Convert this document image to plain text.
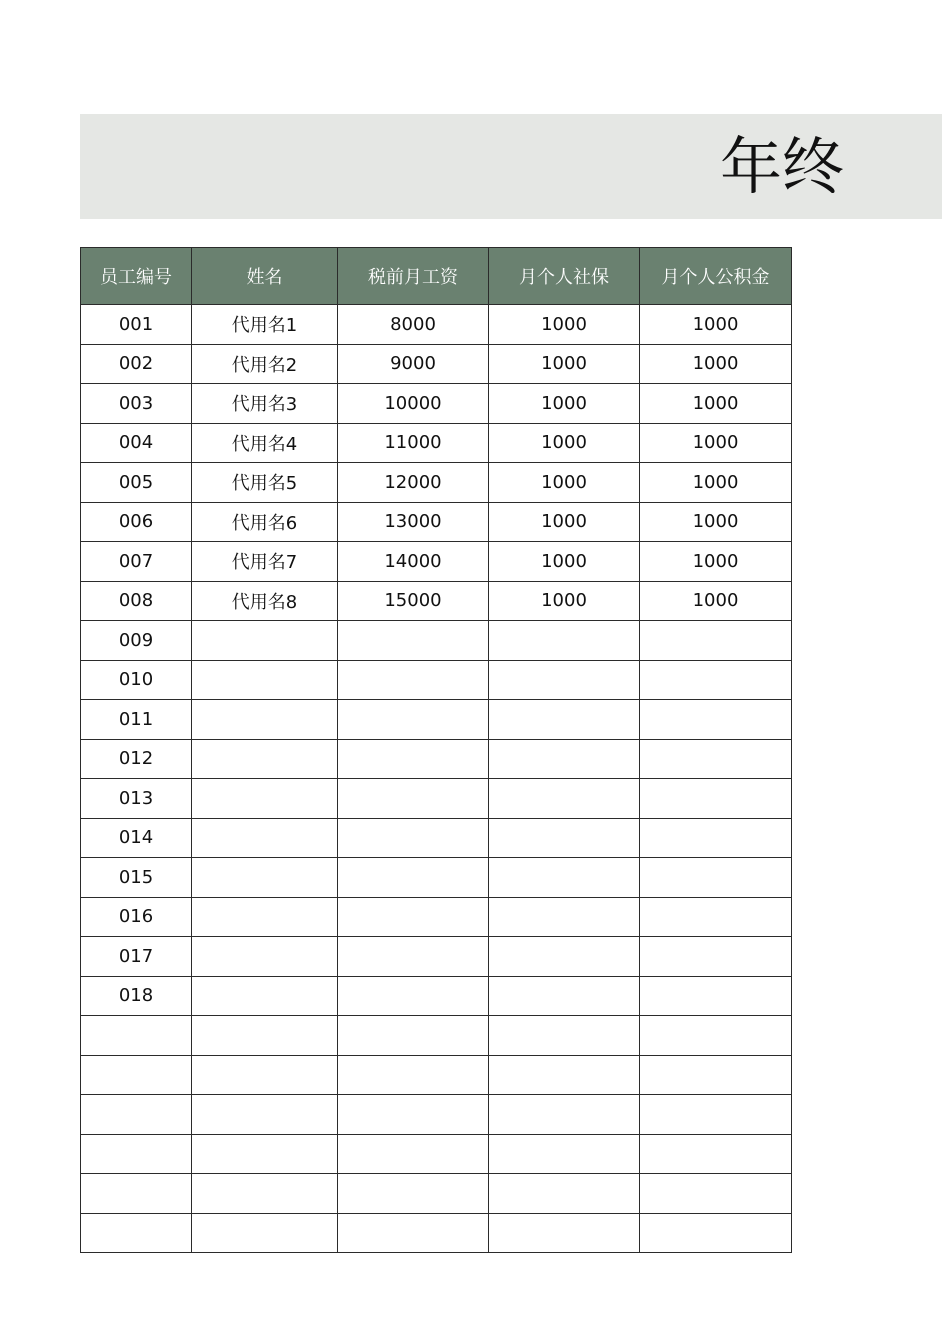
年终
员工编号	姓名	税前月工资	月个人社保	月个人公积金
001	代用名1	8000	1000	1000
002	代用名2	9000	1000	1000
003	代用名3	10000	1000	1000
004	代用名4	11000	1000	1000
005	代用名5	12000	1000	1000
006	代用名6	13000	1000	1000
007	代用名7	14000	1000	1000
008	代用名8	15000	1000	1000
009				
010				
011				
012				
013				
014				
015				
016				
017				
018				
